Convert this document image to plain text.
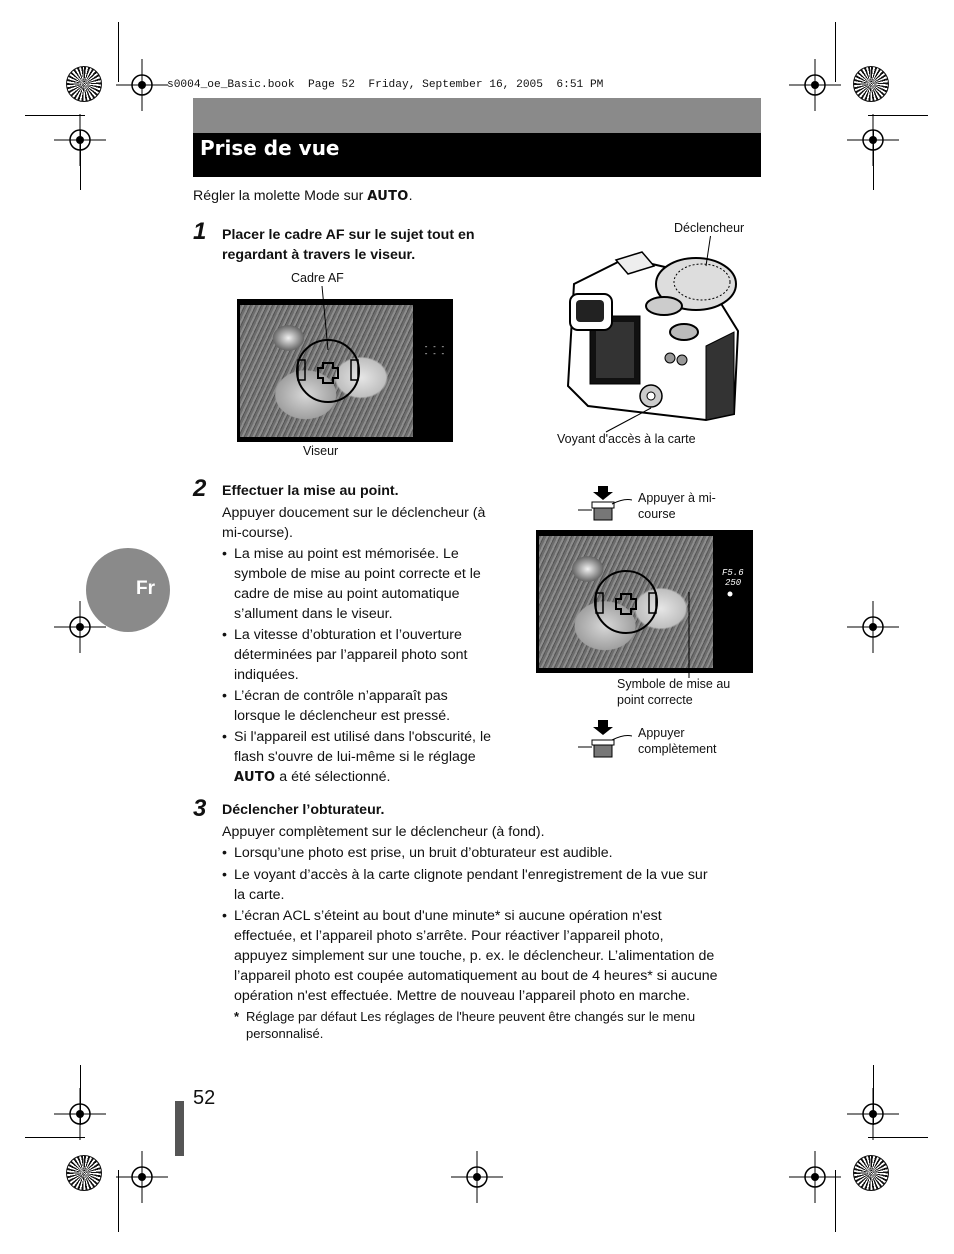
s0004_oe_Basic.book  Page 52  Friday, September 16, 2005  6:51 PM
Prise de vue
Régler la molette Mode sur AUTO.
1 Placer le cadre AF sur le sujet tout en
regardant à travers le viseur.
Cadre AF
- - -
- - -
Viseur
Déclencheur
Voyant d'accès à la carte
2 Effectuer la mise au point.
Appuyer doucement sur le déclencheur (à
mi-course).
• La mise au point est mémorisée. Le
symbole de mise au point correcte et le
cadre de mise au point automatique
s’allument dans le viseur.
• La vitesse d’obturation et l’ouverture
déterminées par l’appareil photo sont
indiquées.
• L’écran de contrôle n’apparaît pas
lorsque le déclencheur est pressé.
• Si l'appareil est utilisé dans l'obscurité, le
flash s'ouvre de lui-même si le réglage
AUTO a été sélectionné.
Appuyer à mi-
course
F5.6
250
Symbole de mise au
point correcte
Appuyer
complètement
Fr
3 Déclencher l’obturateur.
Appuyer complètement sur le déclencheur (à fond).
• Lorsqu’une photo est prise, un bruit d’obturateur est audible.
• Le voyant d’accès à la carte clignote pendant l'enregistrement de la vue sur
la carte.
• L’écran ACL s’éteint au bout d'une minute* si aucune opération n'est
effectuée, et l’appareil photo s’arrête. Pour réactiver l’appareil photo,
appuyez simplement sur une touche, p. ex. le déclencheur. L’alimentation de
l’appareil photo est coupée automatiquement au bout de 4 heures* si aucune
opération n'est effectuée. Mettre de nouveau l’appareil photo en marche.
* Réglage par défaut Les réglages de l'heure peuvent être changés sur le menu
personnalisé.
52
